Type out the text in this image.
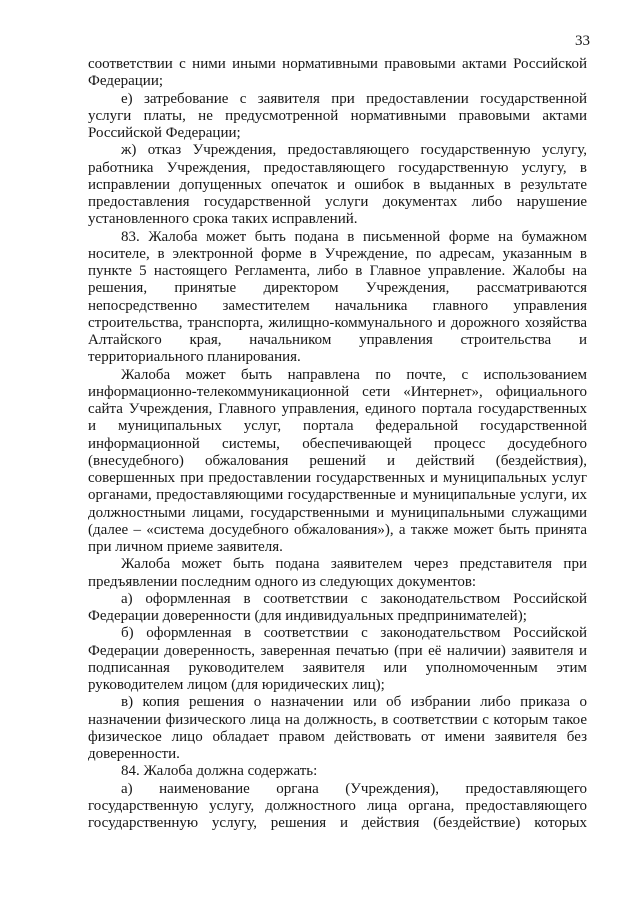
33
соответствии с ними иными нормативными правовыми актами Российской
Федерации;
е) затребование с заявителя при предоставлении государственной
услуги платы, не предусмотренной нормативными правовыми актами
Российской Федерации;
ж) отказ Учреждения, предоставляющего государственную услугу,
работника Учреждения, предоставляющего государственную услугу, в
исправлении допущенных опечаток и ошибок в выданных в результате
предоставления государственной услуги документах либо нарушение
установленного срока таких исправлений.
83. Жалоба может быть подана в письменной форме на бумажном
носителе, в электронной форме в Учреждение, по адресам, указанным в
пункте 5 настоящего Регламента, либо в Главное управление. Жалобы на
решения, принятые директором Учреждения, рассматриваются
непосредственно заместителем начальника главного управления
строительства, транспорта, жилищно-коммунального и дорожного хозяйства
Алтайского края, начальником управления строительства и
территориального планирования.
Жалоба может быть направлена по почте, с использованием
информационно-телекоммуникационной сети «Интернет», официального
сайта Учреждения, Главного управления, единого портала государственных
и муниципальных услуг, портала федеральной государственной
информационной системы, обеспечивающей процесс досудебного
(внесудебного) обжалования решений и действий (бездействия),
совершенных при предоставлении государственных и муниципальных услуг
органами, предоставляющими государственные и муниципальные услуги, их
должностными лицами, государственными и муниципальными служащими
(далее – «система досудебного обжалования»), а также может быть принята
при личном приеме заявителя.
Жалоба может быть подана заявителем через представителя при
предъявлении последним одного из следующих документов:
а) оформленная в соответствии с законодательством Российской
Федерации доверенности (для индивидуальных предпринимателей);
б) оформленная в соответствии с законодательством Российской
Федерации доверенность, заверенная печатью (при её наличии) заявителя и
подписанная руководителем заявителя или уполномоченным этим
руководителем лицом (для юридических лиц);
в) копия решения о назначении или об избрании либо приказа о
назначении физического лица на должность, в соответствии с которым такое
физическое лицо обладает правом действовать от имени заявителя без
доверенности.
84. Жалоба должна содержать:
а) наименование органа (Учреждения), предоставляющего
государственную услугу, должностного лица органа, предоставляющего
государственную услугу, решения и действия (бездействие) которых
